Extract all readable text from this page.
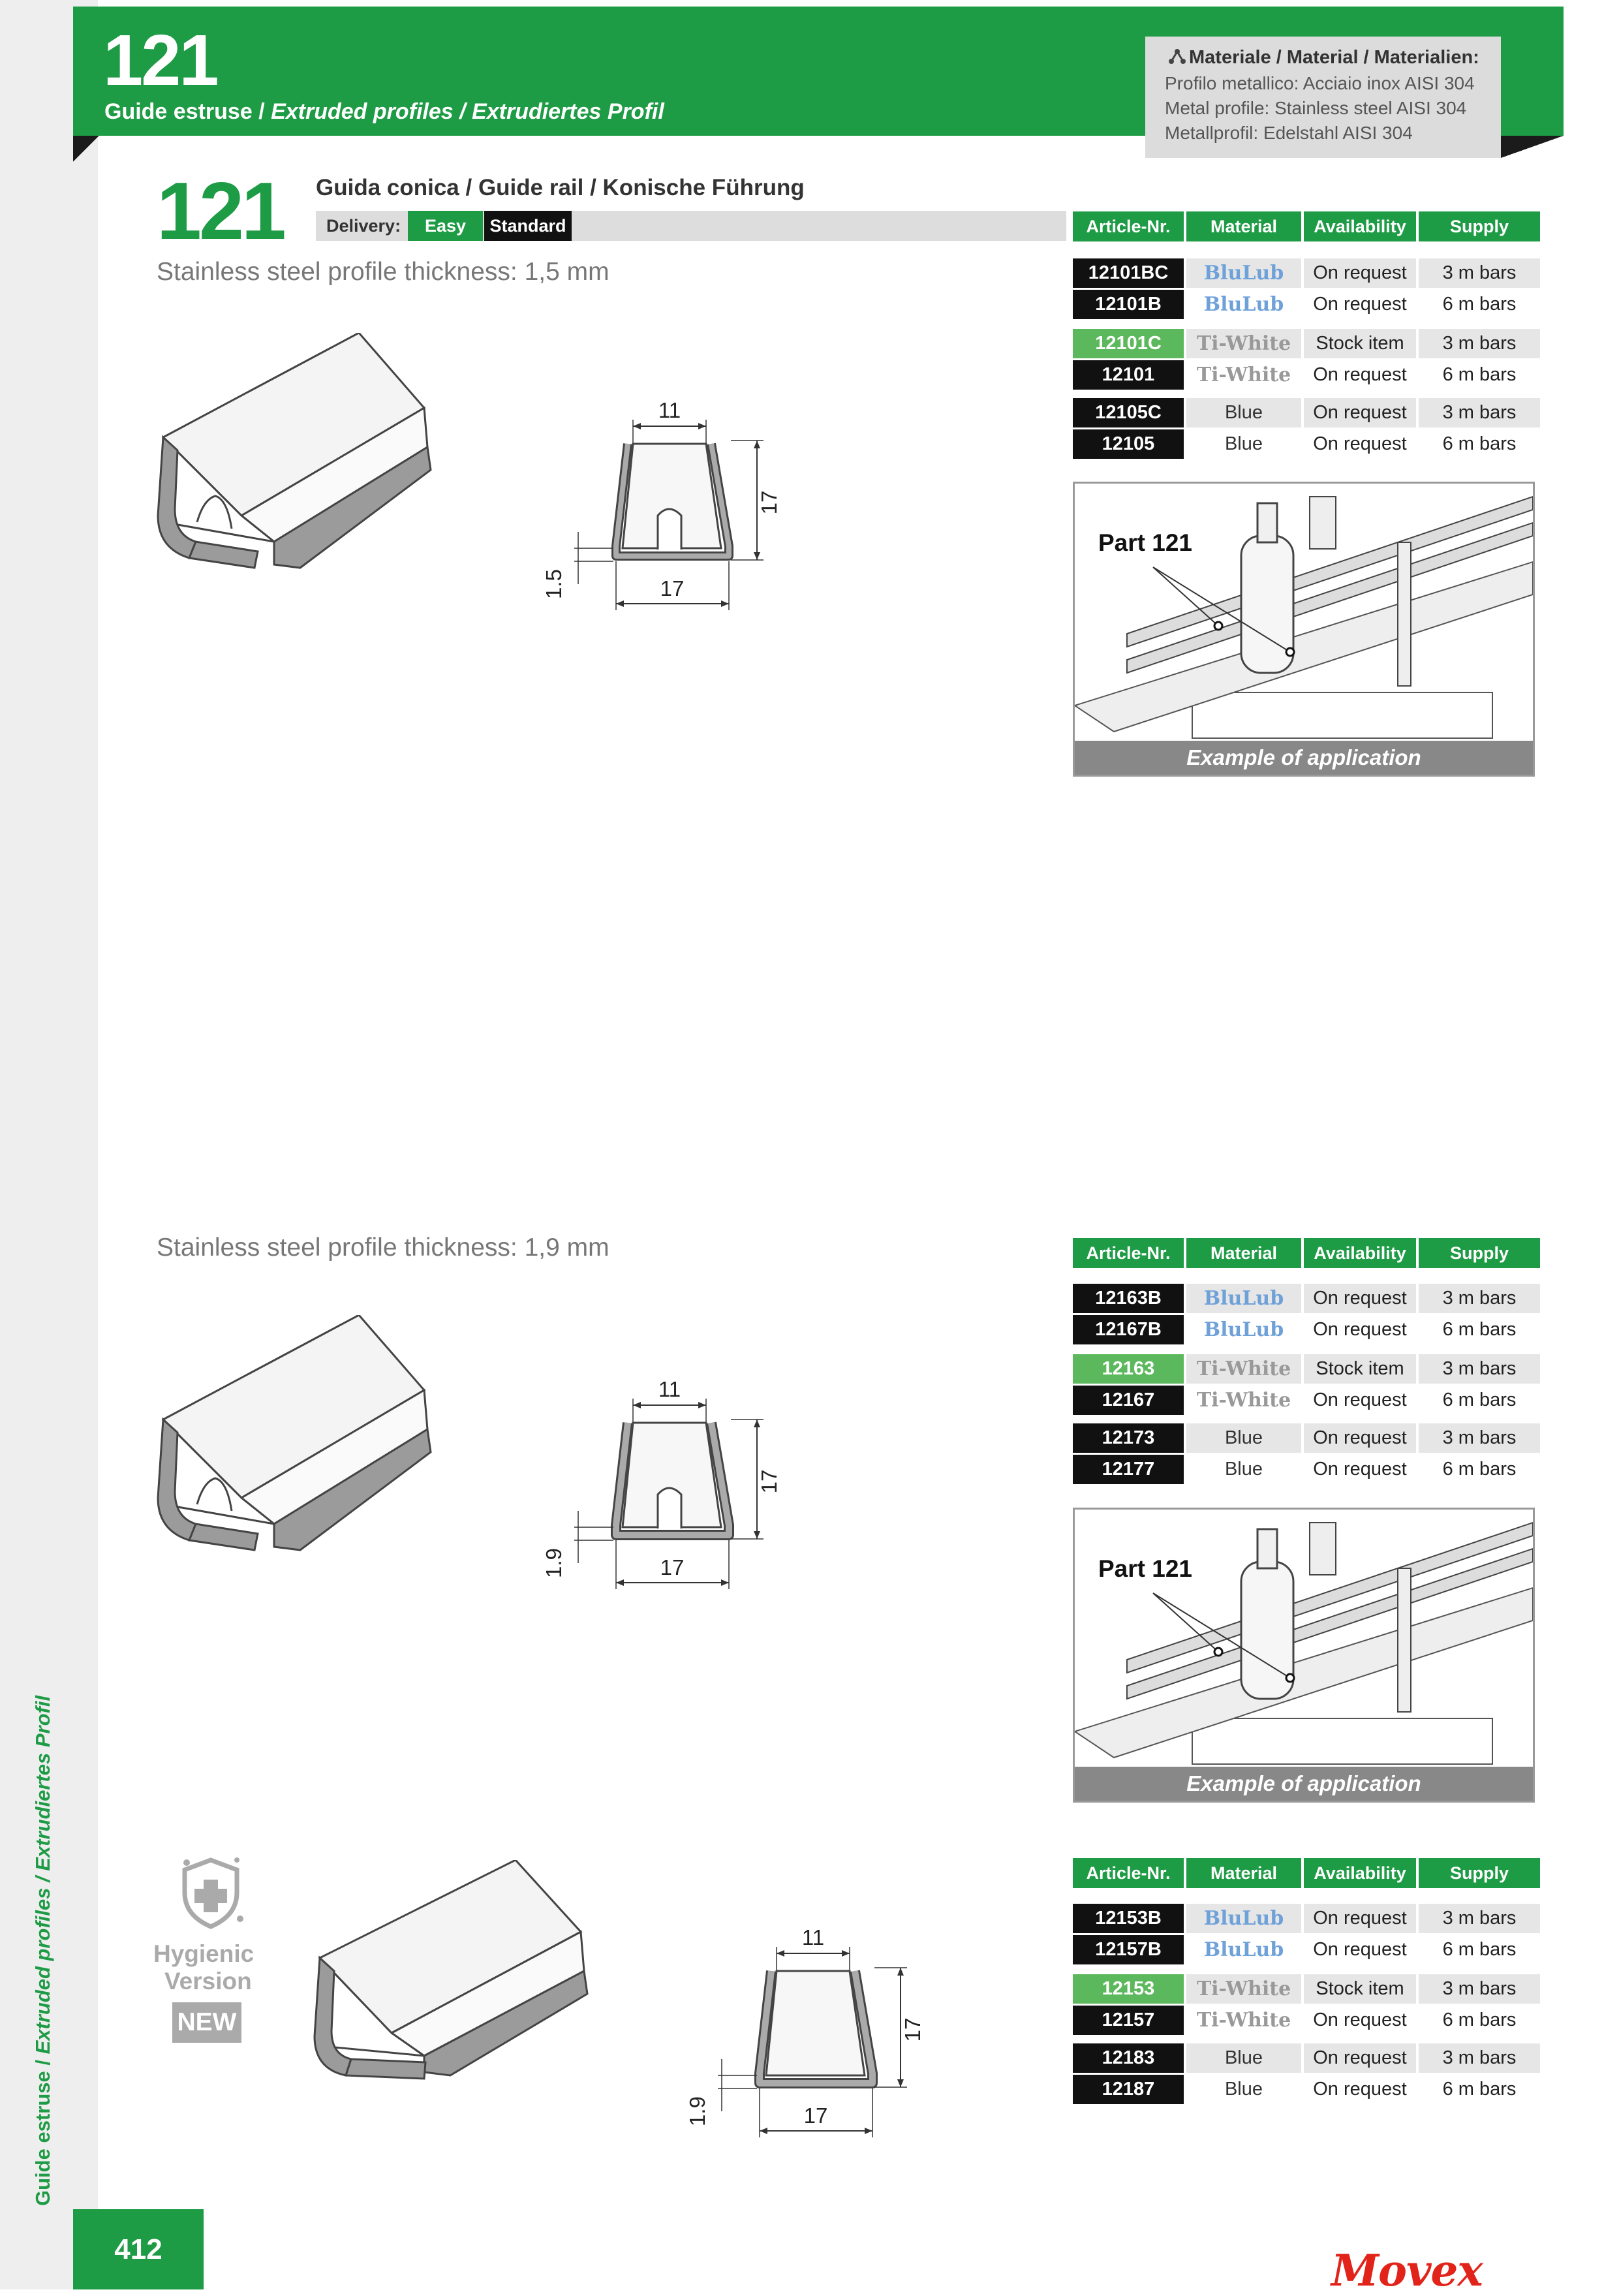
Guide estruse / Extruded profiles / Extrudiertes Profil
412
121
Guide estruse / Extruded profiles / Extrudiertes Profil
Materiale / Material / Materialien:
Profilo metallico: Acciaio inox AISI 304
Metal profile: Stainless steel AISI 304
Metallprofil: Edelstahl AISI 304
121 Guida conica / Guide rail / Konische Führung
Delivery:	Easy	Standard
Stainless steel profile thickness: 1,5 mm
Stainless steel profile thickness: 1,9 mm
11
17
17
1.5
Article-Nr.	Material	Availability	Supply
12101BC	BluLub	On request	3 m bars
12101B	BluLub	On request	6 m bars
12101C	Ti-White	Stock item	3 m bars
12101	Ti-White	On request	6 m bars
12105C	Blue	On request	3 m bars
12105	Blue	On request	6 m bars
Part 121
Example of application
11
17
17
1.9
Article-Nr.	Material	Availability	Supply
12163B	BluLub	On request	3 m bars
12167B	BluLub	On request	6 m bars
12163	Ti-White	Stock item	3 m bars
12167	Ti-White	On request	6 m bars
12173	Blue	On request	3 m bars
12177	Blue	On request	6 m bars
Part 121
Example of application
Hygienic
Version
NEW
11
17
17
1.9
Article-Nr.	Material	Availability	Supply
12153B	BluLub	On request	3 m bars
12157B	BluLub	On request	6 m bars
12153	Ti-White	Stock item	3 m bars
12157	Ti-White	On request	6 m bars
12183	Blue	On request	3 m bars
12187	Blue	On request	6 m bars
Movex
